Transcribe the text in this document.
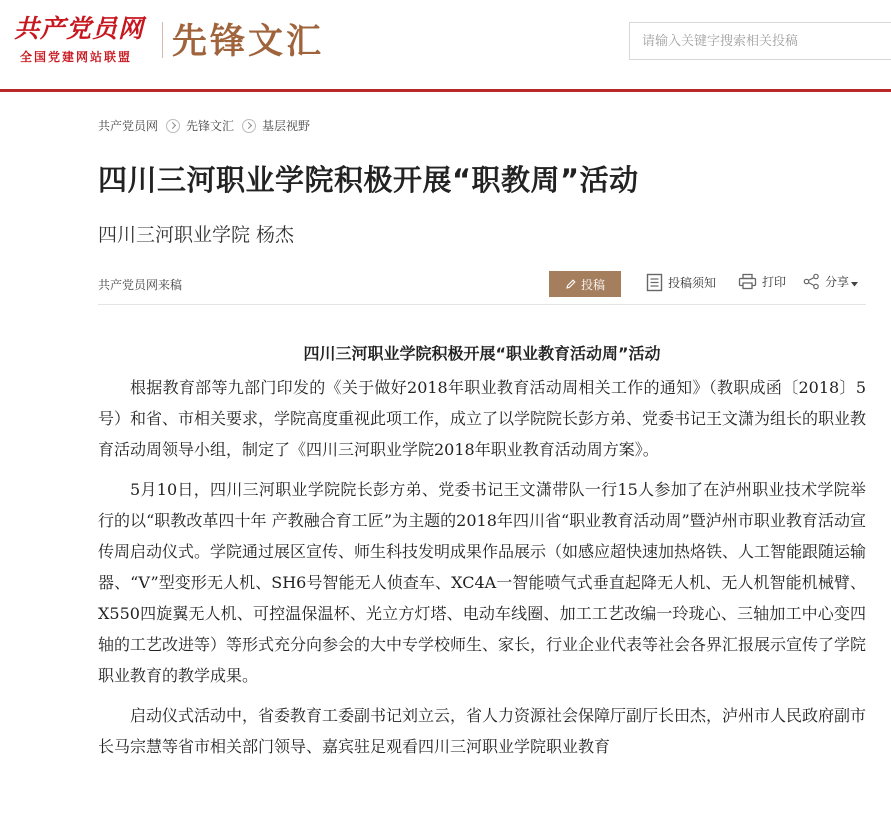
共产党员网
全国党建网站联盟 先锋文汇
请输入关键字搜索相关投稿
共产党员网 先锋文汇 基层视野
四川三河职业学院积极开展“职教周”活动
四川三河职业学院 杨杰
共产党员网来稿	投稿	投稿须知	打印	分享
四川三河职业学院积极开展“职业教育活动周”活动

根据教育部等九部门印发的《关于做好2018年职业教育活动周相关工作的通知》（教职成函〔2018〕5号）和省、市相关要求，学院高度重视此项工作，成立了以学院院长彭方弟、党委书记王文潇为组长的职业教育活动周领导小组，制定了《四川三河职业学院2018年职业教育活动周方案》。

5月10日，四川三河职业学院院长彭方弟、党委书记王文潇带队一行15人参加了在泸州职业技术学院举行的以“职教改革四十年 产教融合育工匠”为主题的2018年四川省“职业教育活动周”暨泸州市职业教育活动宣传周启动仪式。学院通过展区宣传、师生科技发明成果作品展示（如感应超快速加热烙铁、人工智能跟随运输器、“V”型变形无人机、SH6号智能无人侦查车、XC4A一智能喷气式垂直起降无人机、无人机智能机械臂、X550四旋翼无人机、可控温保温杯、光立方灯塔、电动车线圈、加工工艺改编一玲珑心、三轴加工中心变四轴的工艺改进等）等形式充分向参会的大中专学校师生、家长，行业企业代表等社会各界汇报展示宣传了学院职业教育的教学成果。

启动仪式活动中，省委教育工委副书记刘立云，省人力资源社会保障厅副厅长田杰，泸州市人民政府副市长马宗慧等省市相关部门领导、嘉宾驻足观看四川三河职业学院职业教育
